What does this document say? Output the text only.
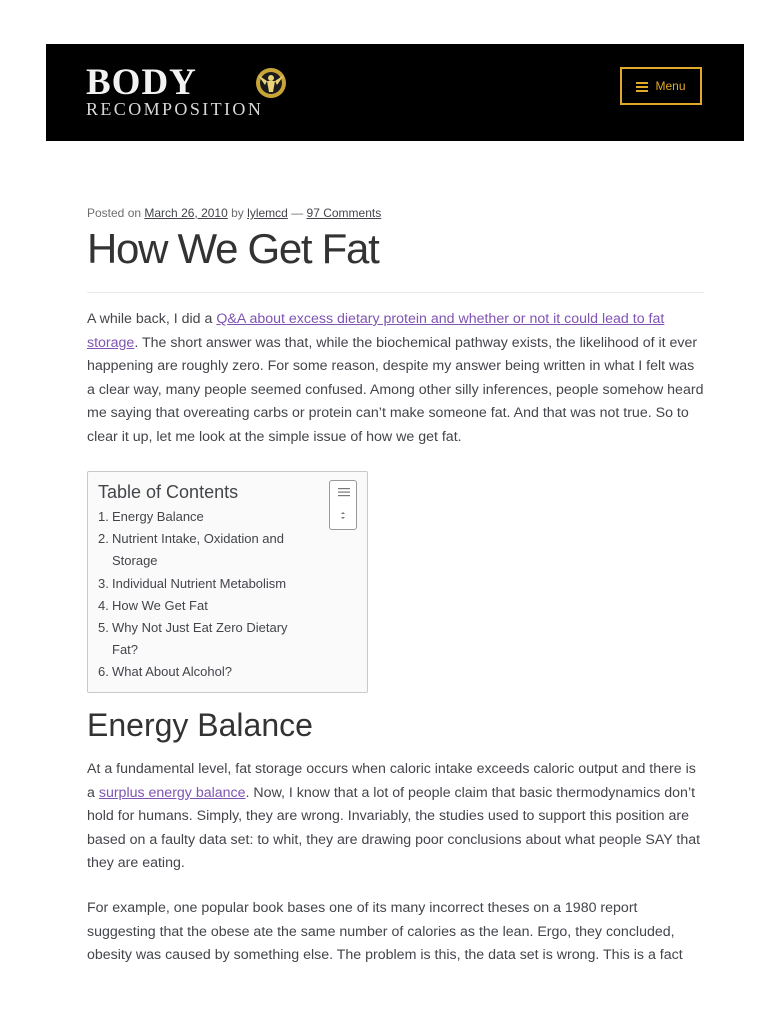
BODY
RECOMPOSITION
Menu
Posted on March 26, 2010 by lylemcd — 97 Comments
How We Get Fat

A while back, I did a Q&A about excess dietary protein and whether or not it could lead to fat storage. The short answer was that, while the biochemical pathway exists, the likelihood of it ever happening are roughly zero. For some reason, despite my answer being written in what I felt was a clear way, many people seemed confused. Among other silly inferences, people somehow heard me saying that overeating carbs or protein can’t make someone fat. And that was not true. So to clear it up, let me look at the simple issue of how we get fat.

Table of Contents
1. Energy Balance
2. Nutrient Intake, Oxidation and Storage
3. Individual Nutrient Metabolism
4. How We Get Fat
5. Why Not Just Eat Zero Dietary Fat?
6. What About Alcohol?
Energy Balance

At a fundamental level, fat storage occurs when caloric intake exceeds caloric output and there is a surplus energy balance. Now, I know that a lot of people claim that basic thermodynamics don’t hold for humans. Simply, they are wrong. Invariably, the studies used to support this position are based on a faulty data set: to whit, they are drawing poor conclusions about what people SAY that they are eating.

For example, one popular book bases one of its many incorrect theses on a 1980 report suggesting that the obese ate the same number of calories as the lean. Ergo, they concluded, obesity was caused by something else. The problem is this, the data set is wrong. This is a fact
